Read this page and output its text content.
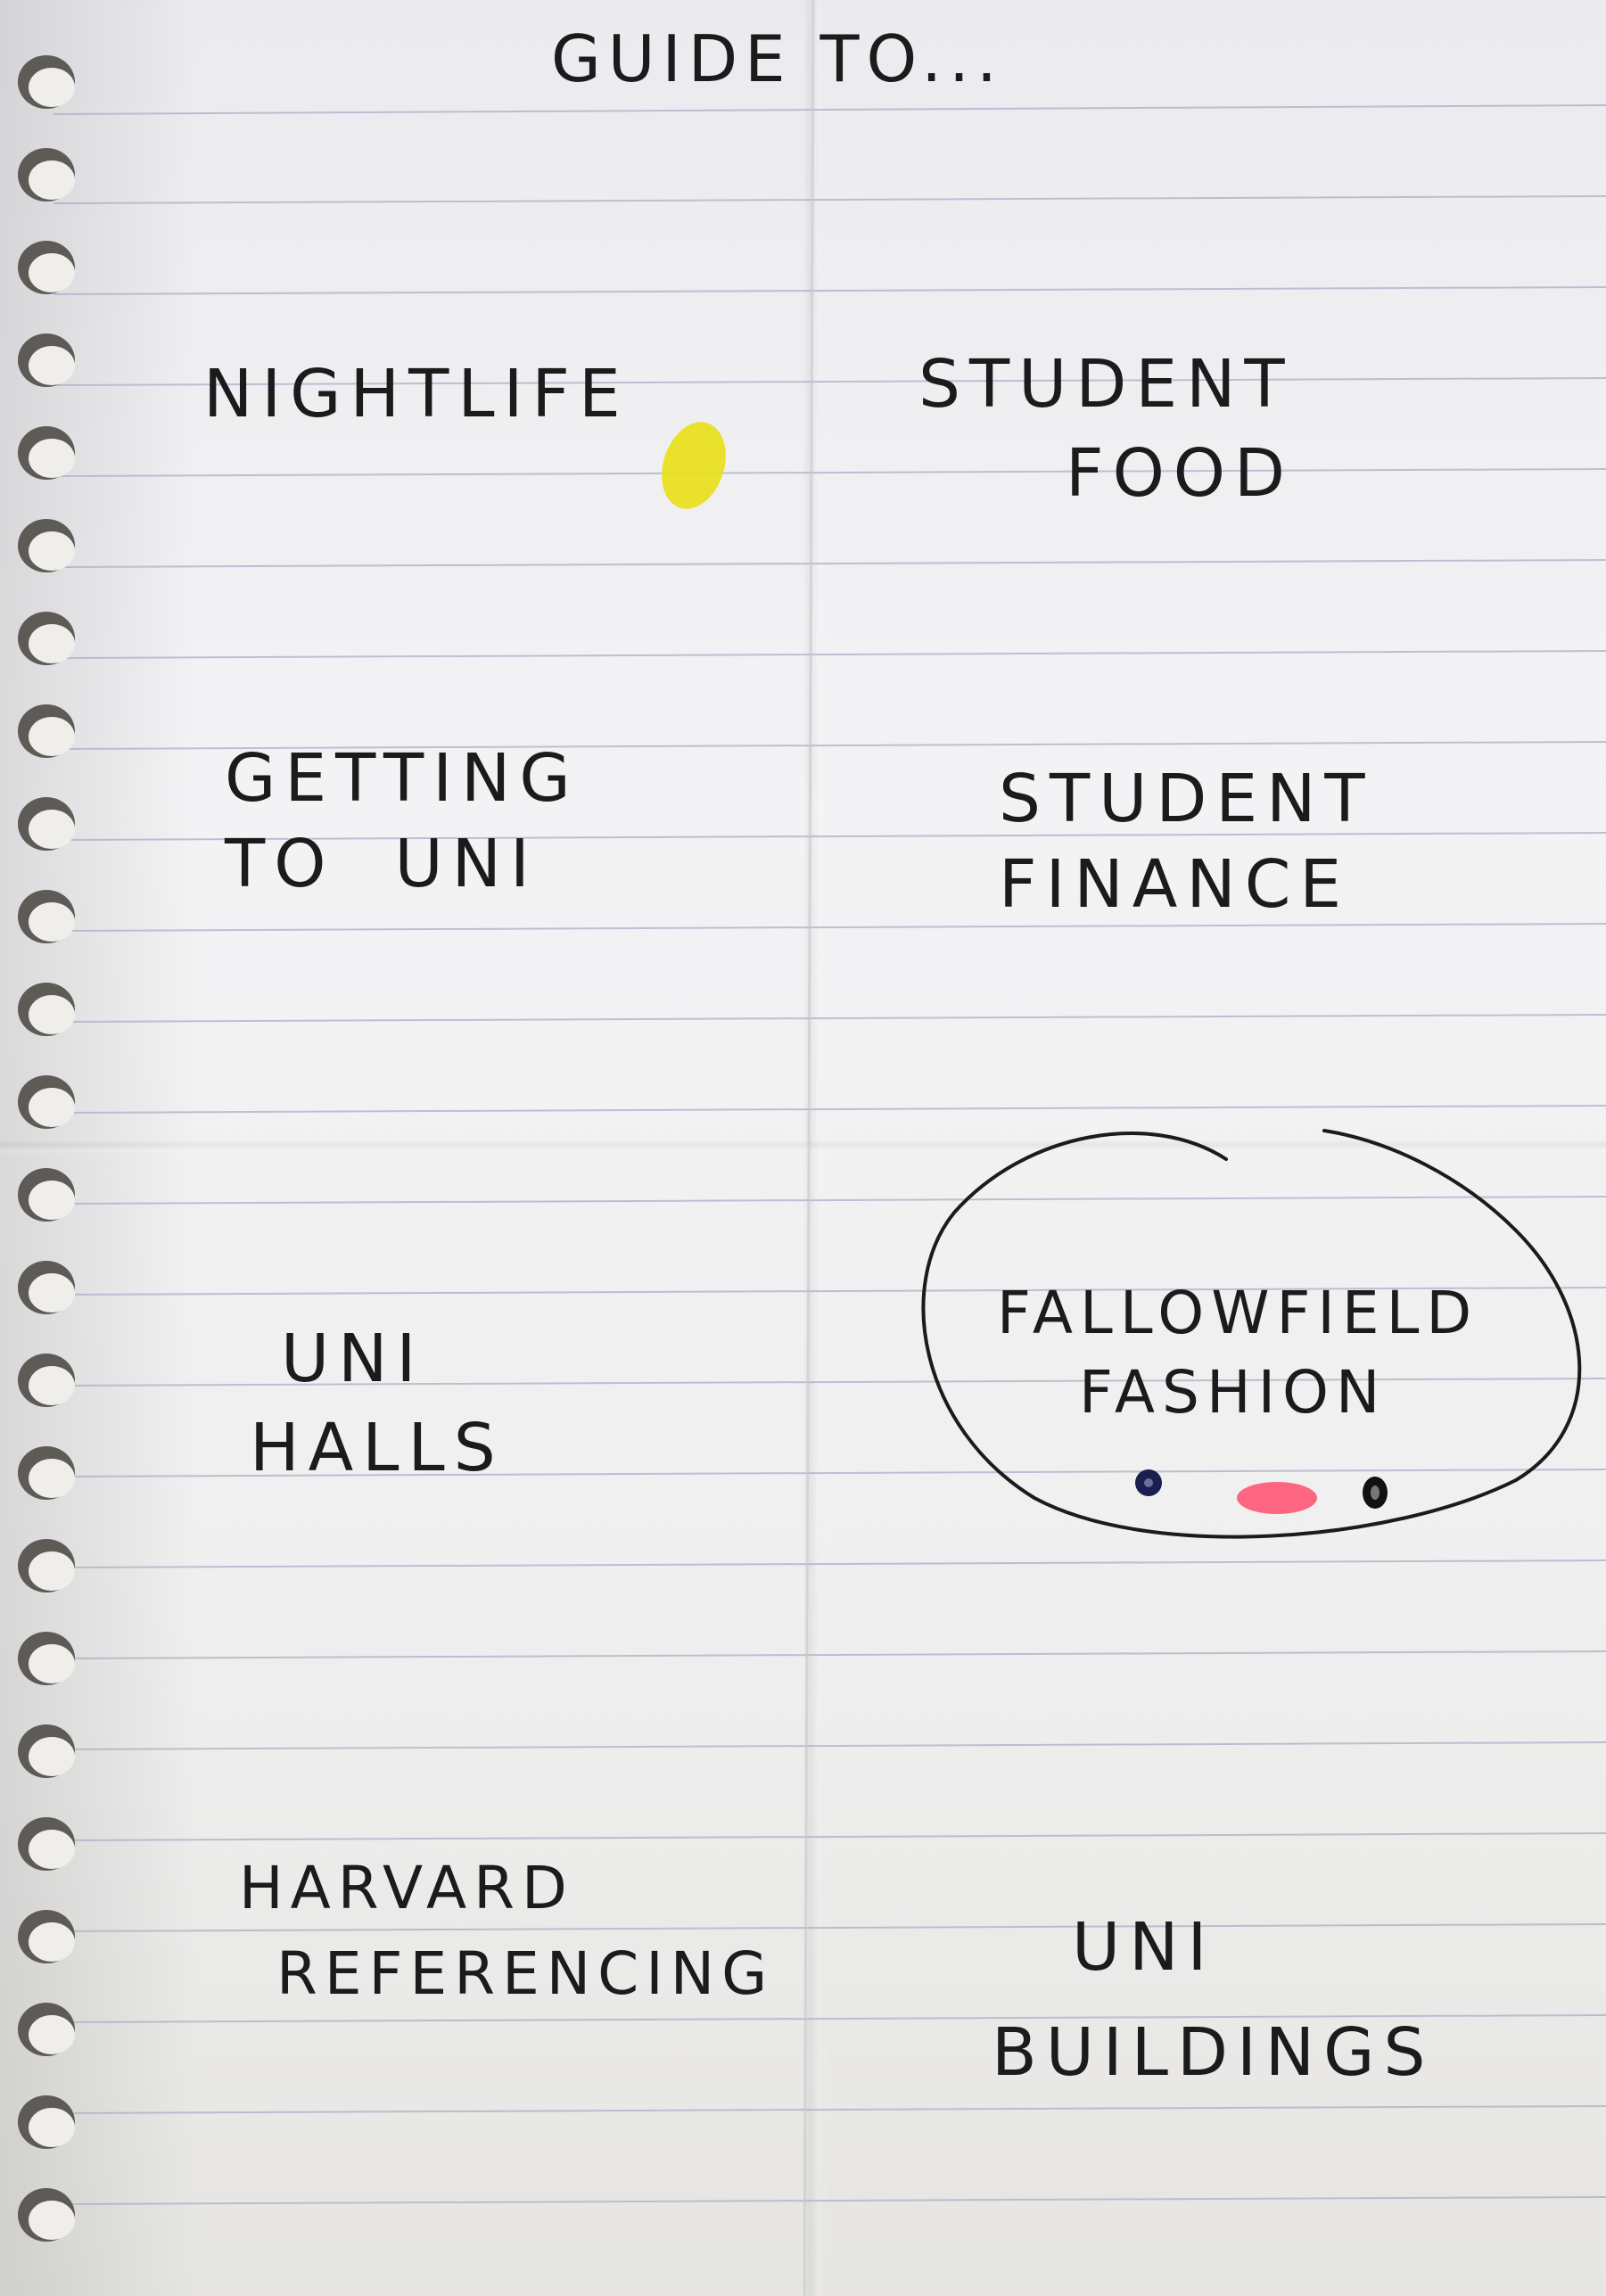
GUIDE TO...
NIGHTLIFE	STUDENT
FOOD
GETTING
TO  UNI
STUDENT
FINANCE
UNI
HALLS
FALLOWFIELD
FASHION
HARVARD
REFERENCING	UNI
BUILDINGS
